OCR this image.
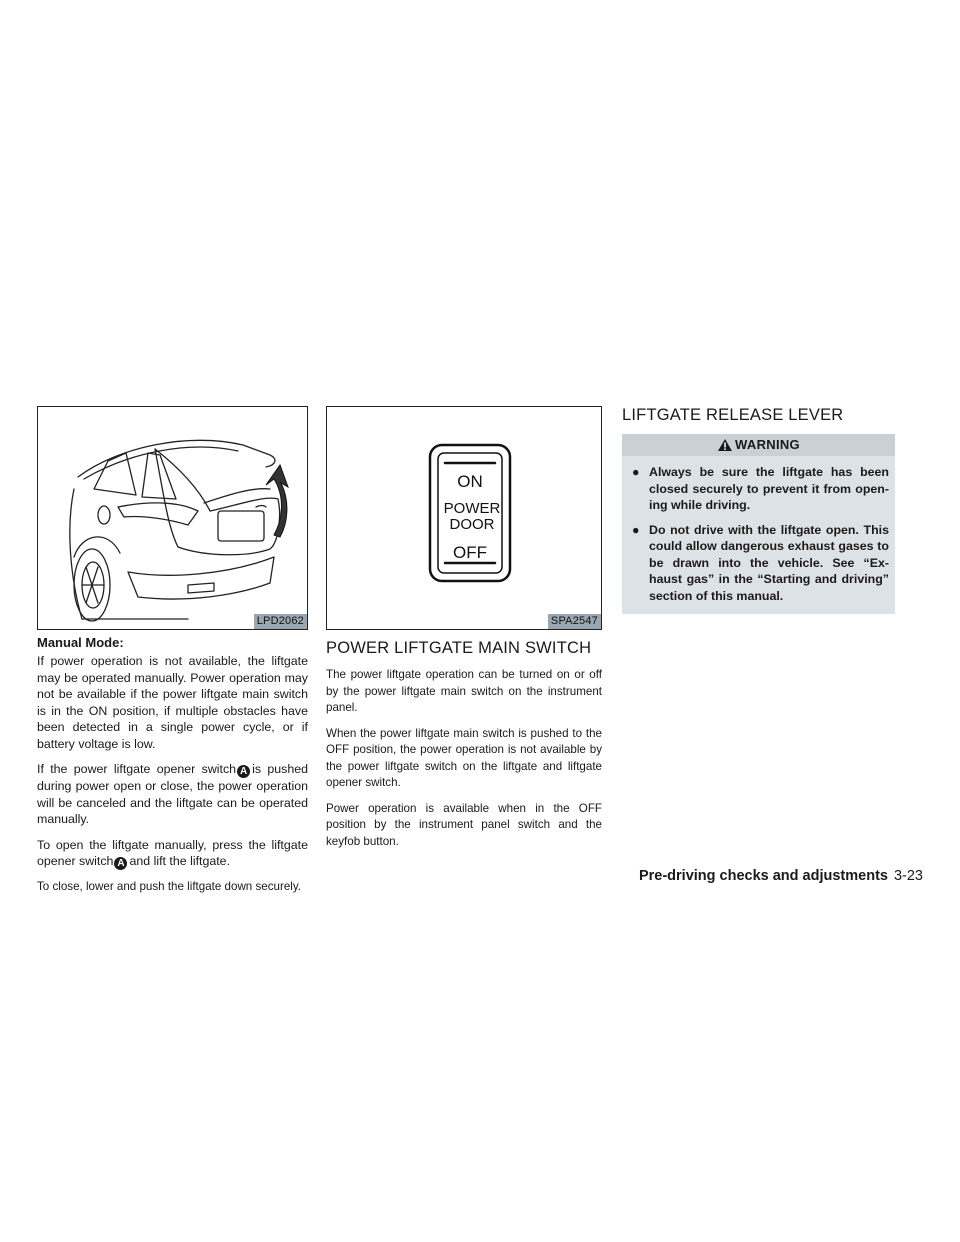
LPD2062
Manual Mode:

If power operation is not available, the liftgate may be operated manually. Power operation may not be available if the power liftgate main switch is in the ON position, if multiple obstacles have been detected in a single power cycle, or if battery voltage is low.

If the power liftgate opener switch A is pushed during power open or close, the power operation will be canceled and the liftgate can be operated manually.

To open the liftgate manually, press the liftgate opener switch A and lift the liftgate.

To close, lower and push the liftgate down securely.

ON
POWER
DOOR
OFF
SPA2547
POWER LIFTGATE MAIN SWITCH

The power liftgate operation can be turned on or off by the power liftgate main switch on the instrument panel.

When the power liftgate main switch is pushed to the OFF position, the power operation is not available by the power liftgate switch on the liftgate and liftgate opener switch.

Power operation is available when in the OFF position by the instrument panel switch and the keyfob button.

LIFTGATE RELEASE LEVER
WARNING
● Always be sure the liftgate has been closed securely to prevent it from open- ing while driving.
● Do not drive with the liftgate open. This could allow dangerous exhaust gases to be drawn into the vehicle. See “Ex- haust gas” in the “Starting and driving” section of this manual.
Pre-driving checks and adjustments 3-23
